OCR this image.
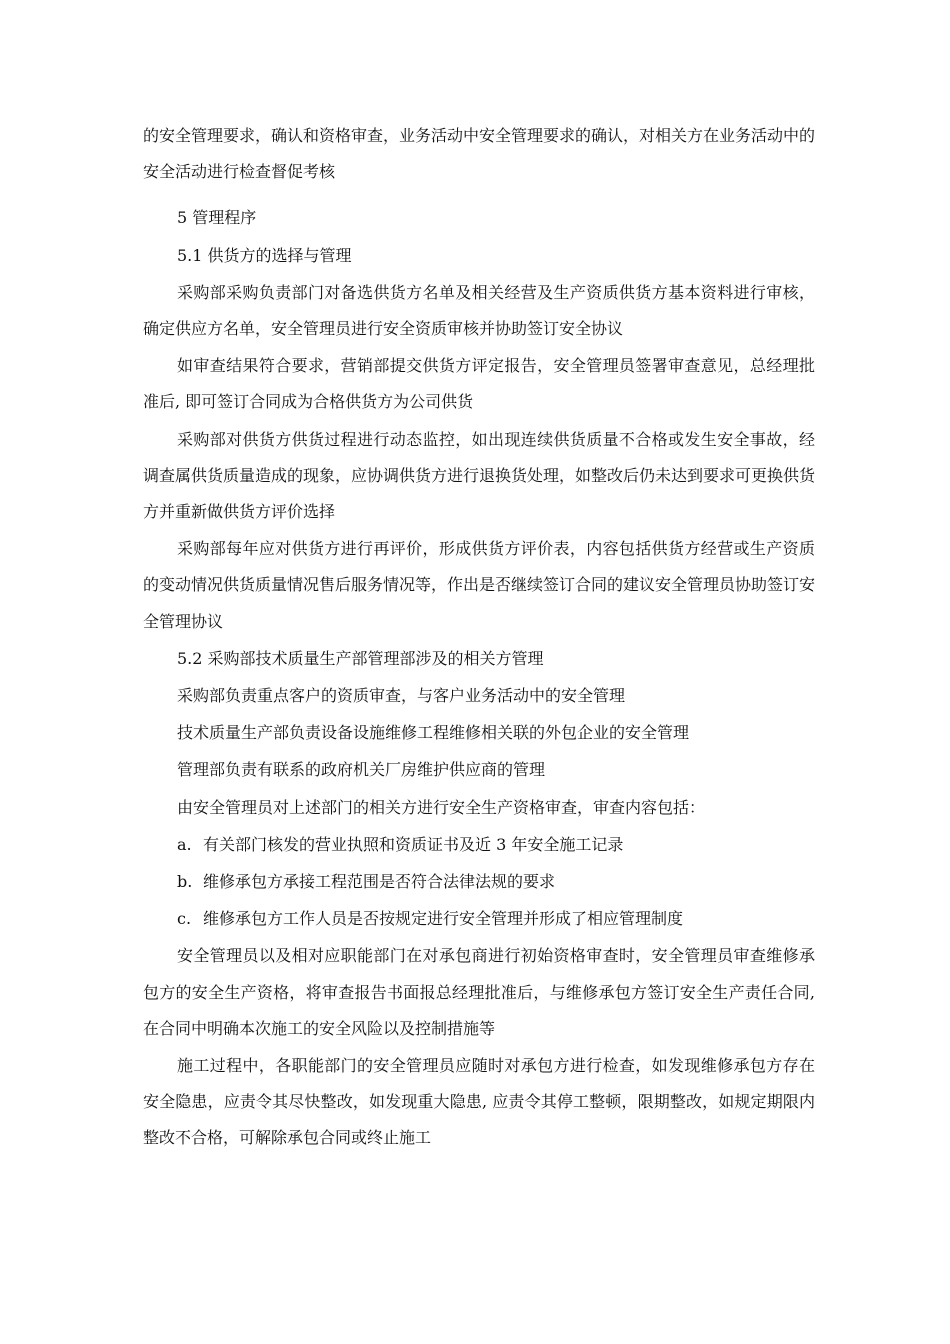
的安全管理要求，确认和资格审查，业务活动中安全管理要求的确认，对相关方在业务活动中的安全活动进行检查督促考核

5 管理程序

5.1 供货方的选择与管理

采购部采购负责部门对备选供货方名单及相关经营及生产资质供货方基本资料进行审核，确定供应方名单，安全管理员进行安全资质审核并协助签订安全协议

如审查结果符合要求，营销部提交供货方评定报告，安全管理员签署审查意见，总经理批准后, 即可签订合同成为合格供货方为公司供货

采购部对供货方供货过程进行动态监控，如出现连续供货质量不合格或发生安全事故，经调查属供货质量造成的现象，应协调供货方进行退换货处理，如整改后仍未达到要求可更换供货方并重新做供货方评价选择

采购部每年应对供货方进行再评价，形成供货方评价表，内容包括供货方经营或生产资质的变动情况供货质量情况售后服务情况等，作出是否继续签订合同的建议安全管理员协助签订安全管理协议

5.2 采购部技术质量生产部管理部涉及的相关方管理

采购部负责重点客户的资质审查，与客户业务活动中的安全管理

技术质量生产部负责设备设施维修工程维修相关联的外包企业的安全管理

管理部负责有联系的政府机关厂房维护供应商的管理

由安全管理员对上述部门的相关方进行安全生产资格审查，审查内容包括：

a. 有关部门核发的营业执照和资质证书及近 3 年安全施工记录

b. 维修承包方承接工程范围是否符合法律法规的要求

c. 维修承包方工作人员是否按规定进行安全管理并形成了相应管理制度

安全管理员以及相对应职能部门在对承包商进行初始资格审查时，安全管理员审查维修承包方的安全生产资格，将审查报告书面报总经理批准后，与维修承包方签订安全生产责任合同, 在合同中明确本次施工的安全风险以及控制措施等

施工过程中，各职能部门的安全管理员应随时对承包方进行检查，如发现维修承包方存在安全隐患，应责令其尽快整改，如发现重大隐患, 应责令其停工整顿，限期整改，如规定期限内整改不合格，可解除承包合同或终止施工
